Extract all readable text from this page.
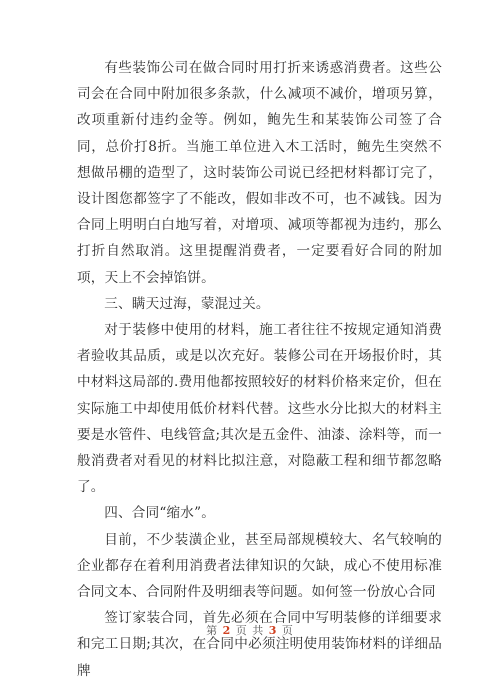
有些装饰公司在做合同时用打折来诱惑消费者。这些公司会在合同中附加很多条款，什么减项不减价，增项另算，改项重新付违约金等。例如，鲍先生和某装饰公司签了合同，总价打8折。当施工单位进入木工活时，鲍先生突然不想做吊棚的造型了，这时装饰公司说已经把材料都订完了，设计图您都签字了不能改，假如非改不可，也不减钱。因为合同上明明白白地写着，对增项、减项等都视为违约，那么打折自然取消。这里提醒消费者，一定要看好合同的附加项，天上不会掉馅饼。

三、瞒天过海，蒙混过关。

对于装修中使用的材料，施工者往往不按规定通知消费者验收其品质，或是以次充好。装修公司在开场报价时，其中材料这局部的.费用他都按照较好的材料价格来定价，但在实际施工中却使用低价材料代替。这些水分比拟大的材料主要是水管件、电线管盒;其次是五金件、油漆、涂料等，而一般消费者对看见的材料比拟注意，对隐蔽工程和细节都忽略了。

四、合同“缩水”。

目前，不少装潢企业，甚至局部规模较大、名气较响的企业都存在着利用消费者法律知识的欠缺，成心不使用标准合同文本、合同附件及明细表等问题。如何签一份放心合同

签订家装合同，首先必须在合同中写明装修的详细要求和完工日期;其次，在合同中必须注明使用装饰材料的详细品牌

第 2 页 共 3 页
